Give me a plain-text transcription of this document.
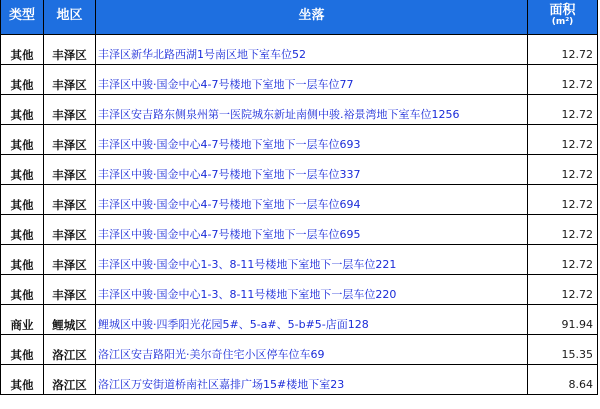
类型	地区	坐落	面积
(m²)

其他	丰泽区	丰泽区新华北路西湖1号南区地下室车位52	12.72
其他	丰泽区	丰泽区中骏·国金中心4-7号楼地下室地下一层车位77	12.72
其他	丰泽区	丰泽区安吉路东侧泉州第一医院城东新址南侧中骏.裕景湾地下室车位1256	12.72
其他	丰泽区	丰泽区中骏·国金中心4-7号楼地下室地下一层车位693	12.72
其他	丰泽区	丰泽区中骏·国金中心4-7号楼地下室地下一层车位337	12.72
其他	丰泽区	丰泽区中骏·国金中心4-7号楼地下室地下一层车位694	12.72
其他	丰泽区	丰泽区中骏·国金中心4-7号楼地下室地下一层车位695	12.72
其他	丰泽区	丰泽区中骏·国金中心1-3、8-11号楼地下室地下一层车位221	12.72
其他	丰泽区	丰泽区中骏·国金中心1-3、8-11号楼地下室地下一层车位220	12.72
商业	鲤城区	鲤城区中骏·四季阳光花园5#、5-a#、5-b#5-店面128	91.94
其他	洛江区	洛江区安吉路阳光·美尔奇住宅小区停车位车69	15.35
其他	洛江区	洛江区万安街道桥南社区嘉排广场15#楼地下室23	8.64
